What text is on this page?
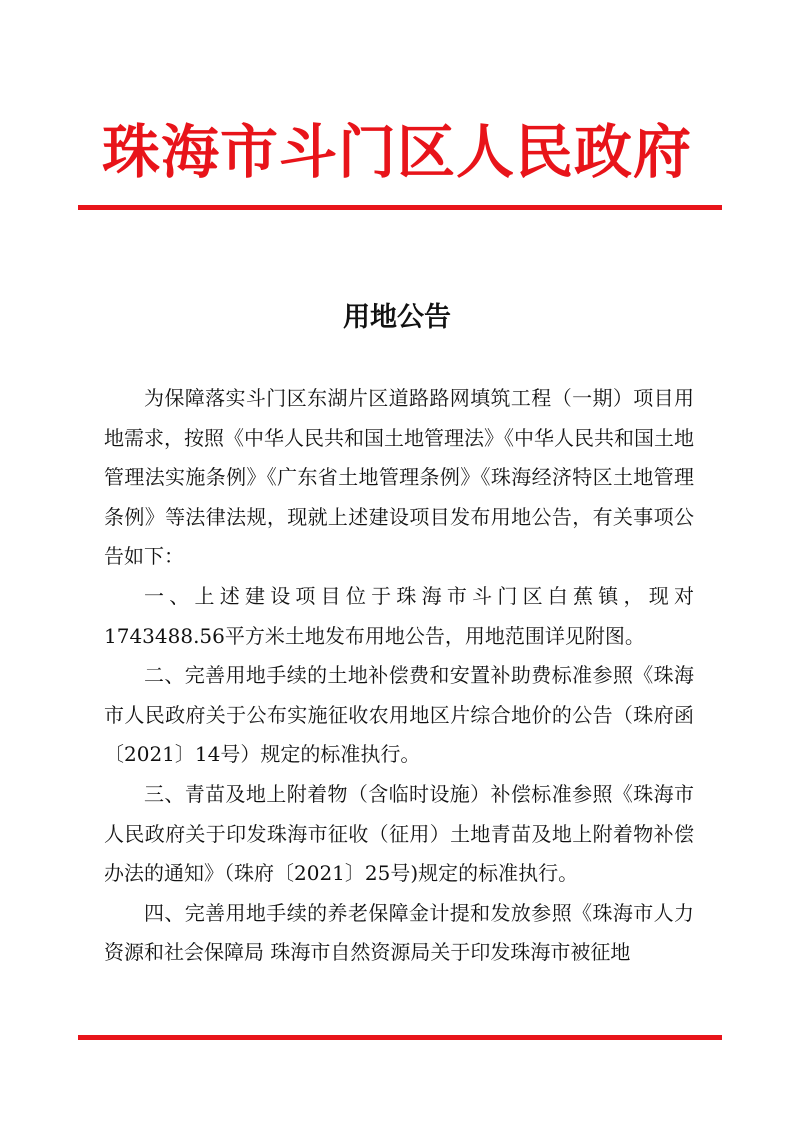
珠海市斗门区人民政府
用地公告

为保障落实斗门区东湖片区道路路网填筑工程（一期）项目用地需求，按照《中华人民共和国土地管理法》《中华人民共和国土地管理法实施条例》《广东省土地管理条例》《珠海经济特区土地管理条例》等法律法规，现就上述建设项目发布用地公告，有关事项公告如下：

一、上述建设项目位于珠海市斗门区白蕉镇，现对1743488.56平方米土地发布用地公告，用地范围详见附图。

二、完善用地手续的土地补偿费和安置补助费标准参照《珠海市人民政府关于公布实施征收农用地区片综合地价的公告（珠府函〔2021〕14号）规定的标准执行。

三、青苗及地上附着物（含临时设施）补偿标准参照《珠海市人民政府关于印发珠海市征收（征用）土地青苗及地上附着物补偿办法的通知》（珠府〔2021〕25号)规定的标准执行。

四、完善用地手续的养老保障金计提和发放参照《珠海市人力资源和社会保障局 珠海市自然资源局关于印发珠海市被征地
